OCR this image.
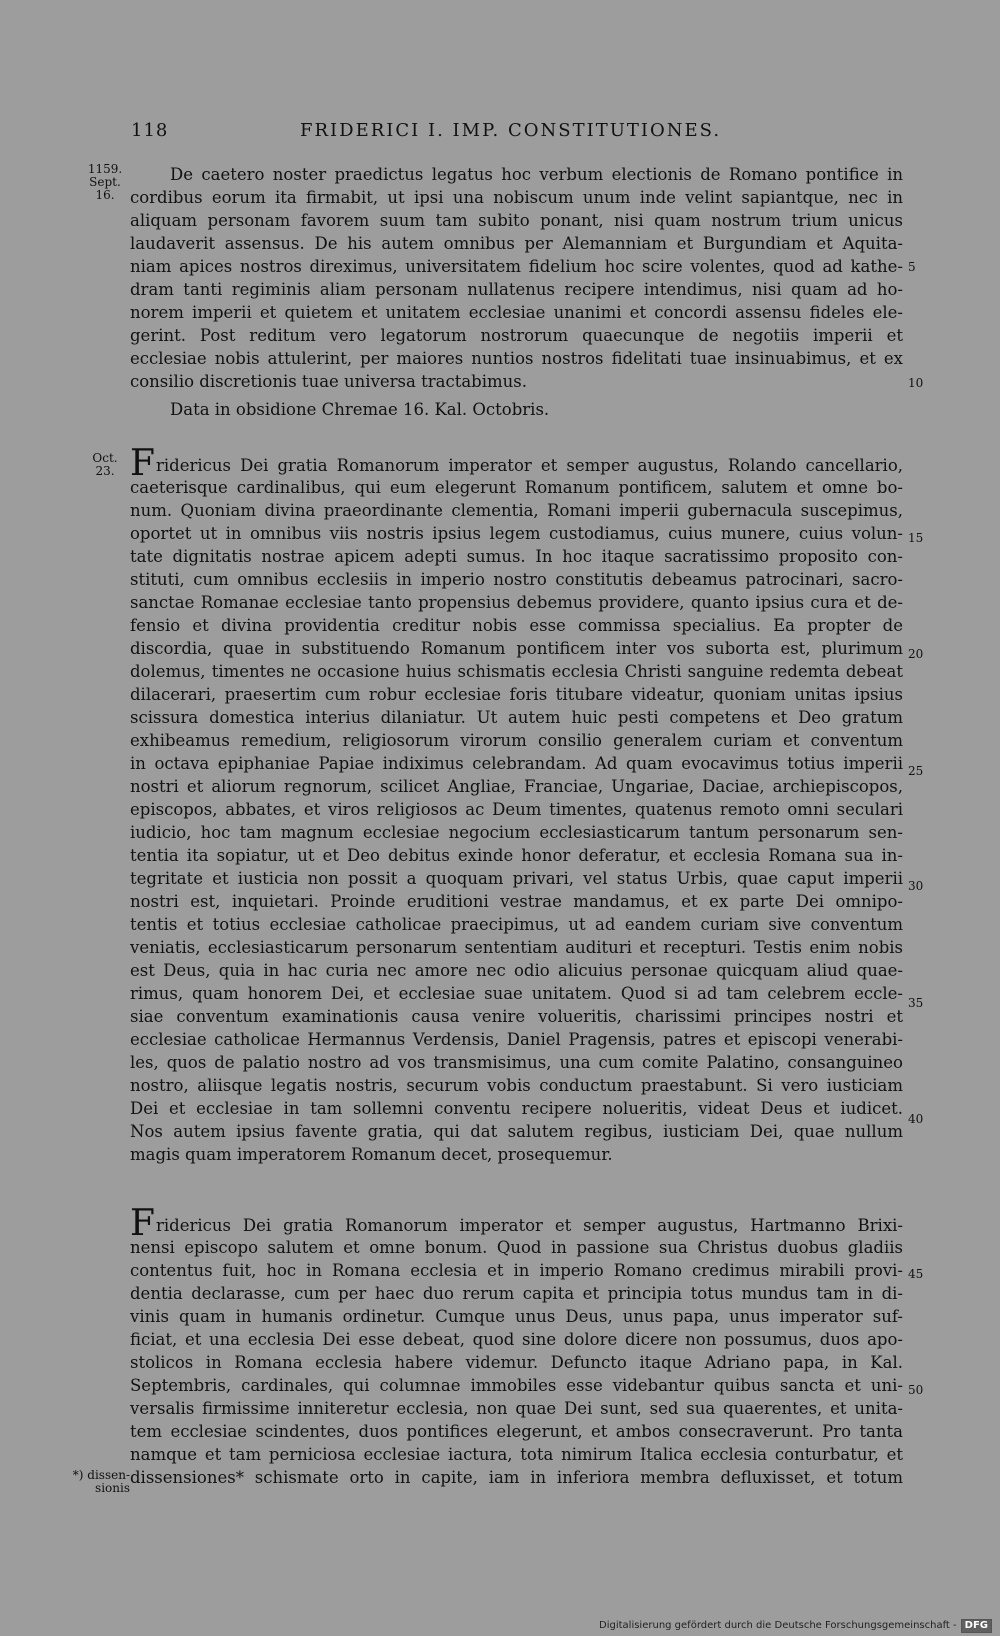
118	FRIDERICI I. IMP. CONSTITUTIONES.
1159.
Sept.
16.
Oct.
23.
5
10
15
20
25
30
35
40
45
50
De caetero noster praedictus legatus hoc verbum electionis de Romano pontifice in
cordibus eorum ita firmabit, ut ipsi una nobiscum unum inde velint sapiantque, nec in
aliquam personam favorem suum tam subito ponant, nisi quam nostrum trium unicus
laudaverit assensus. De his autem omnibus per Alemanniam et Burgundiam et Aquita-
niam apices nostros direximus, universitatem fidelium hoc scire volentes, quod ad kathe-
dram tanti regiminis aliam personam nullatenus recipere intendimus, nisi quam ad ho-
norem imperii et quietem et unitatem ecclesiae unanimi et concordi assensu fideles ele-
gerint. Post reditum vero legatorum nostrorum quaecunque de negotiis imperii et
ecclesiae nobis attulerint, per maiores nuntios nostros fidelitati tuae insinuabimus, et ex
consilio discretionis tuae universa tractabimus.
Data in obsidione Chremae 16. Kal. Octobris.
Fridericus Dei gratia Romanorum imperator et semper augustus, Rolando cancellario,
caeterisque cardinalibus, qui eum elegerunt Romanum pontificem, salutem et omne bo-
num. Quoniam divina praeordinante clementia, Romani imperii gubernacula suscepimus,
oportet ut in omnibus viis nostris ipsius legem custodiamus, cuius munere, cuius volun-
tate dignitatis nostrae apicem adepti sumus. In hoc itaque sacratissimo proposito con-
stituti, cum omnibus ecclesiis in imperio nostro constitutis debeamus patrocinari, sacro-
sanctae Romanae ecclesiae tanto propensius debemus providere, quanto ipsius cura et de-
fensio et divina providentia creditur nobis esse commissa specialius. Ea propter de
discordia, quae in substituendo Romanum pontificem inter vos suborta est, plurimum
dolemus, timentes ne occasione huius schismatis ecclesia Christi sanguine redemta debeat
dilacerari, praesertim cum robur ecclesiae foris titubare videatur, quoniam unitas ipsius
scissura domestica interius dilaniatur. Ut autem huic pesti competens et Deo gratum
exhibeamus remedium, religiosorum virorum consilio generalem curiam et conventum
in octava epiphaniae Papiae indiximus celebrandam. Ad quam evocavimus totius imperii
nostri et aliorum regnorum, scilicet Angliae, Franciae, Ungariae, Daciae, archiepiscopos,
episcopos, abbates, et viros religiosos ac Deum timentes, quatenus remoto omni seculari
iudicio, hoc tam magnum ecclesiae negocium ecclesiasticarum tantum personarum sen-
tentia ita sopiatur, ut et Deo debitus exinde honor deferatur, et ecclesia Romana sua in-
tegritate et iusticia non possit a quoquam privari, vel status Urbis, quae caput imperii
nostri est, inquietari. Proinde eruditioni vestrae mandamus, et ex parte Dei omnipo-
tentis et totius ecclesiae catholicae praecipimus, ut ad eandem curiam sive conventum
veniatis, ecclesiasticarum personarum sententiam audituri et recepturi. Testis enim nobis
est Deus, quia in hac curia nec amore nec odio alicuius personae quicquam aliud quae-
rimus, quam honorem Dei, et ecclesiae suae unitatem. Quod si ad tam celebrem eccle-
siae conventum examinationis causa venire volueritis, charissimi principes nostri et
ecclesiae catholicae Hermannus Verdensis, Daniel Pragensis, patres et episcopi venerabi-
les, quos de palatio nostro ad vos transmisimus, una cum comite Palatino, consanguineo
nostro, aliisque legatis nostris, securum vobis conductum praestabunt. Si vero iusticiam
Dei et ecclesiae in tam sollemni conventu recipere nolueritis, videat Deus et iudicet.
Nos autem ipsius favente gratia, qui dat salutem regibus, iusticiam Dei, quae nullum
magis quam imperatorem Romanum decet, prosequemur.
Fridericus Dei gratia Romanorum imperator et semper augustus, Hartmanno Brixi-
nensi episcopo salutem et omne bonum. Quod in passione sua Christus duobus gladiis
contentus fuit, hoc in Romana ecclesia et in imperio Romano credimus mirabili provi-
dentia declarasse, cum per haec duo rerum capita et principia totus mundus tam in di-
vinis quam in humanis ordinetur. Cumque unus Deus, unus papa, unus imperator suf-
ficiat, et una ecclesia Dei esse debeat, quod sine dolore dicere non possumus, duos apo-
stolicos in Romana ecclesia habere videmur. Defuncto itaque Adriano papa, in Kal.
Septembris, cardinales, qui columnae immobiles esse videbantur quibus sancta et uni-
versalis firmissime inniteretur ecclesia, non quae Dei sunt, sed sua quaerentes, et unita-
tem ecclesiae scindentes, duos pontifices elegerunt, et ambos consecraverunt. Pro tanta
namque et tam perniciosa ecclesiae iactura, tota nimirum Italica ecclesia conturbatur, et
dissensiones* schismate orto in capite, iam in inferiora membra defluxisset, et totum
*) dissen-
sionis
Digitalisierung gefördert durch die Deutsche Forschungsgemeinschaft - DFG
